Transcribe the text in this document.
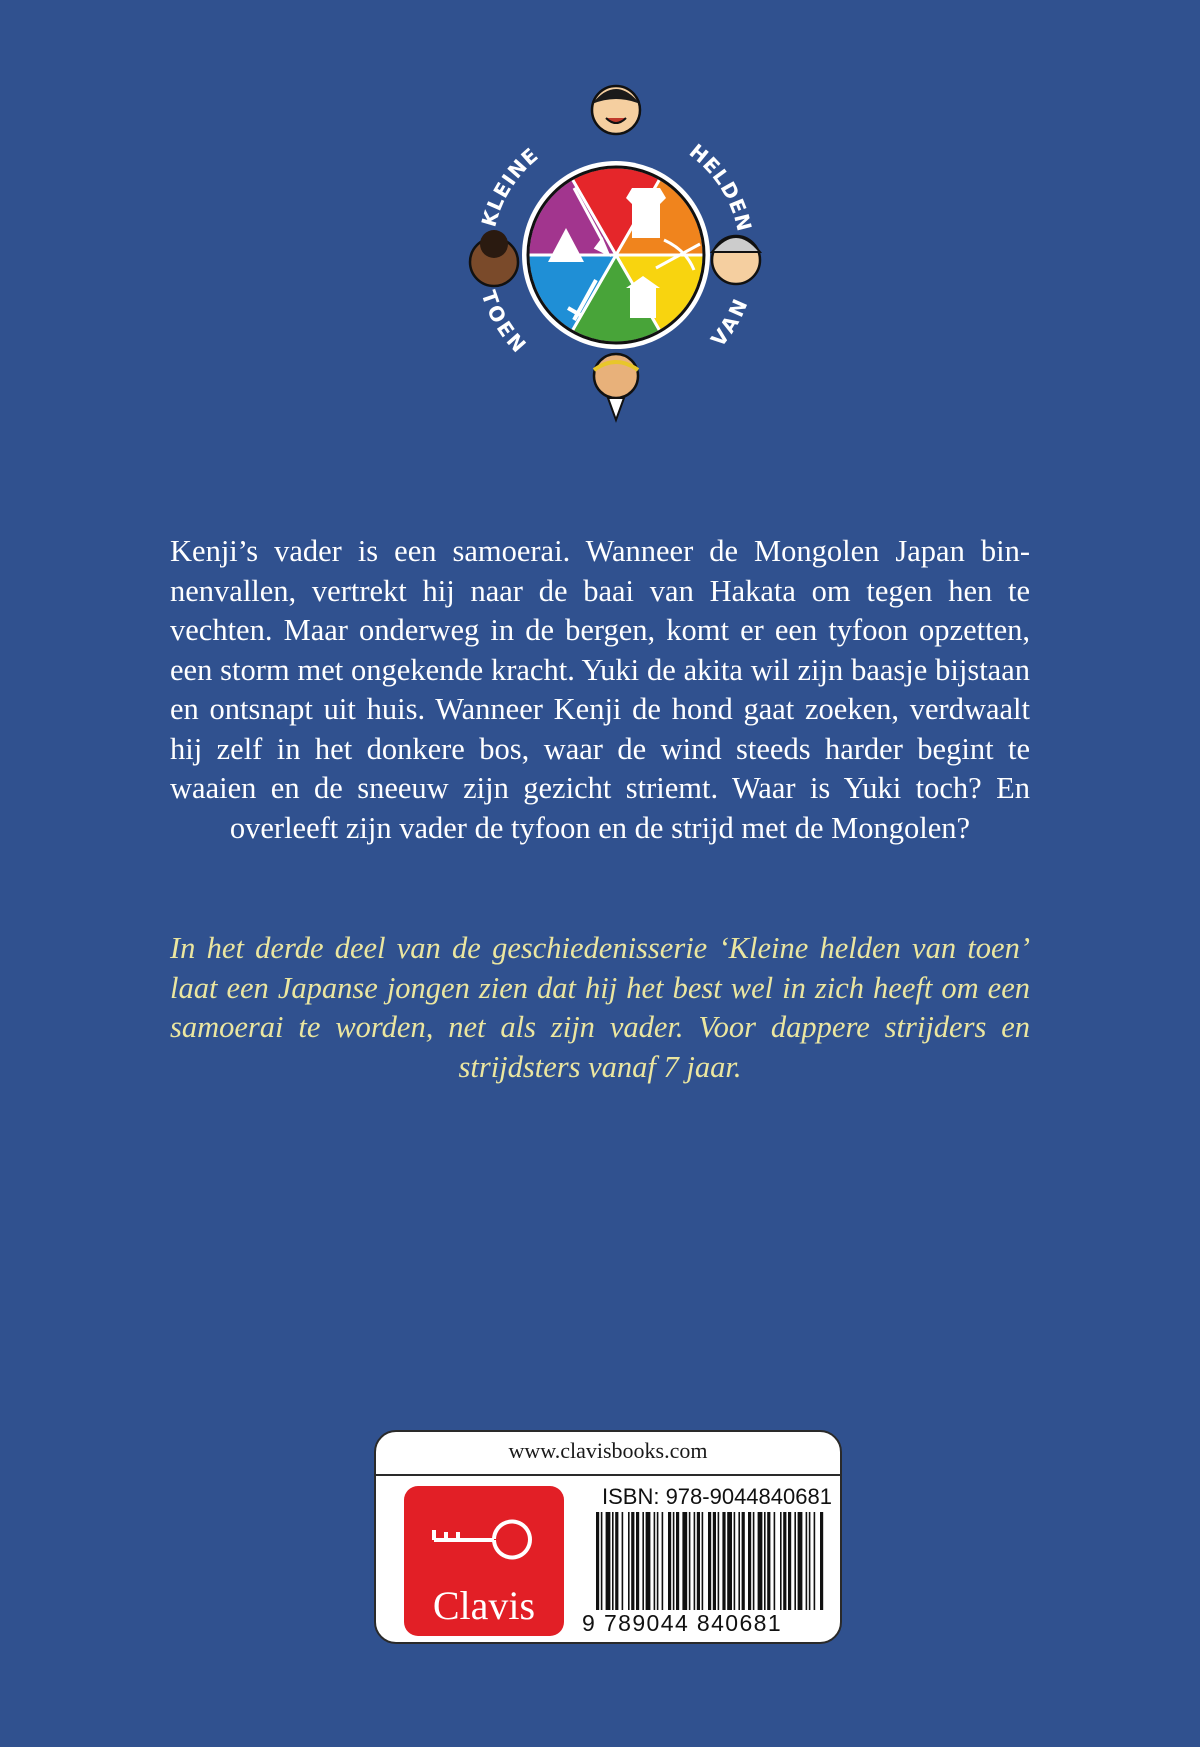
KLEINE	HELDEN
TOEN	VAN

Kenji’s vader is een samoerai. Wanneer de Mongolen Japan binnenvallen, vertrekt hij naar de baai van Hakata om tegen hen te vechten. Maar onderweg in de bergen, komt er een tyfoon opzetten, een storm met ongekende kracht. Yuki de akita wil zijn baasje bijstaan en ontsnapt uit huis. Wanneer Kenji de hond gaat zoeken, verdwaalt hij zelf in het donkere bos, waar de wind steeds harder begint te waaien en de sneeuw zijn gezicht striemt. Waar is Yuki toch? En overleeft zijn vader de tyfoon en de strijd met de Mongolen?

In het derde deel van de geschiedenisserie ‘Kleine helden van toen’ laat een Japanse jongen zien dat hij het best wel in zich heeft om een samoerai te worden, net als zijn vader. Voor dappere strijders en strijdsters vanaf 7 jaar.

www.clavisbooks.com
Clavis
ISBN: 978-9044840681
9 789044 840681
